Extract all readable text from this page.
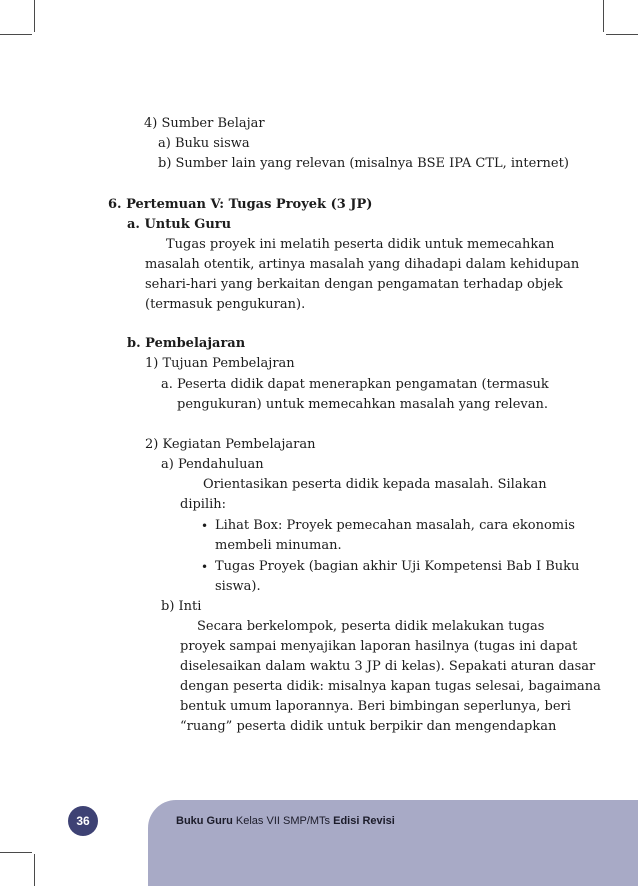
4) Sumber Belajar
a) Buku siswa
b) Sumber lain yang relevan (misalnya BSE IPA CTL, internet)
6. Pertemuan V: Tugas Proyek (3 JP)
a. Untuk Guru
Tugas proyek ini melatih peserta didik untuk memecahkan
masalah otentik, artinya masalah yang dihadapi dalam kehidupan
sehari-hari yang berkaitan dengan pengamatan terhadap objek
(termasuk pengukuran).
b. Pembelajaran
1) Tujuan Pembelajran
a. Peserta didik dapat menerapkan pengamatan (termasuk
pengukuran) untuk memecahkan masalah yang relevan.
2) Kegiatan Pembelajaran
a) Pendahuluan
Orientasikan peserta didik kepada masalah. Silakan
dipilih:
• Lihat Box: Proyek pemecahan masalah, cara ekonomis
membeli minuman.
• Tugas Proyek (bagian akhir Uji Kompetensi Bab I Buku
siswa).
b) Inti
Secara berkelompok, peserta didik melakukan tugas
proyek sampai menyajikan laporan hasilnya (tugas ini dapat
diselesaikan dalam waktu 3 JP di kelas). Sepakati aturan dasar
dengan peserta didik: misalnya kapan tugas selesai, bagaimana
bentuk umum laporannya. Beri bimbingan seperlunya, beri
“ruang” peserta didik untuk berpikir dan mengendapkan
36	Buku Guru Kelas VII SMP/MTs Edisi Revisi
